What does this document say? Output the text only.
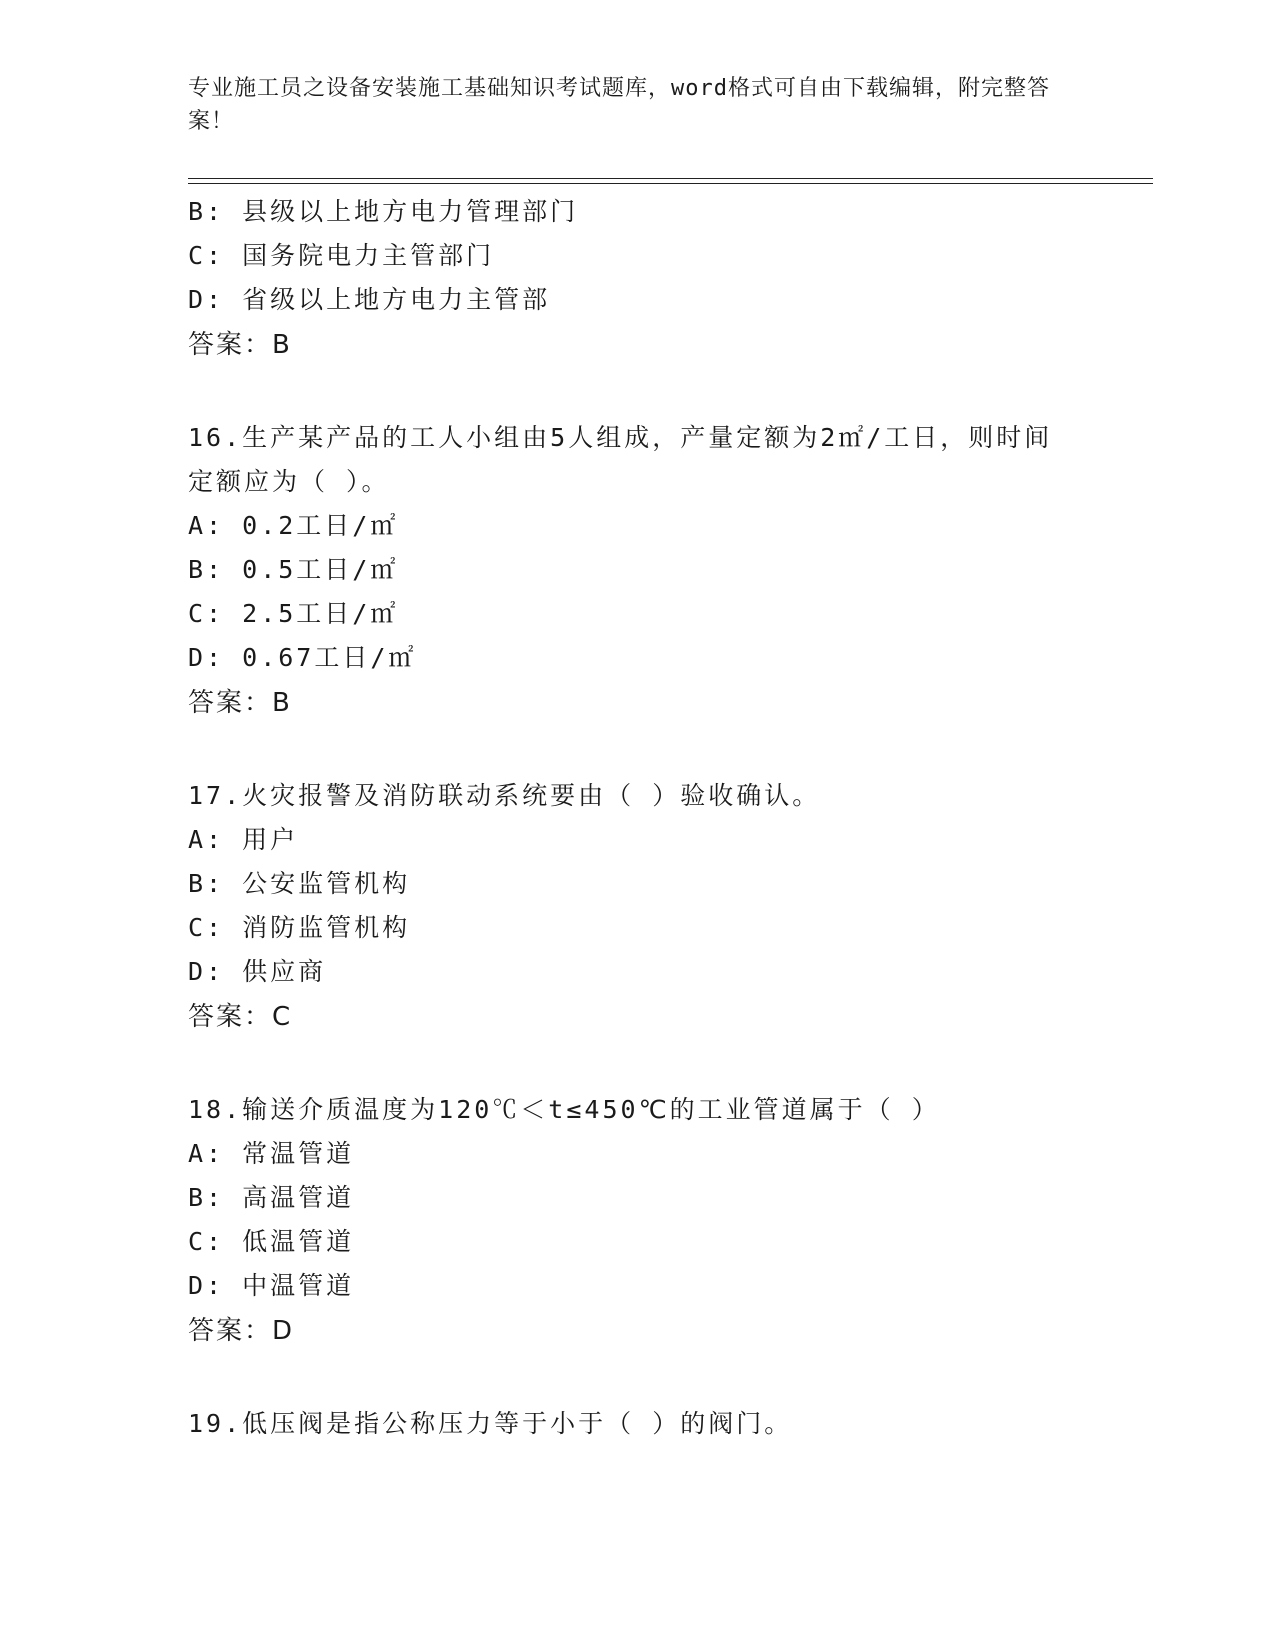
专业施工员之设备安装施工基础知识考试题库，word格式可自由下载编辑，附完整答案！
B: 县级以上地方电力管理部门
C: 国务院电力主管部门
D: 省级以上地方电力主管部
答案：B
16.生产某产品的工人小组由5人组成，产量定额为2㎡/工日，则时间
定额应为（ ）。
A: 0.2工日/㎡
B: 0.5工日/㎡
C: 2.5工日/㎡
D: 0.67工日/㎡
答案：B
17.火灾报警及消防联动系统要由（ ）验收确认。
A: 用户
B: 公安监管机构
C: 消防监管机构
D: 供应商
答案：C
18.输送介质温度为120℃＜t≤450℃的工业管道属于（ ）
A: 常温管道
B: 高温管道
C: 低温管道
D: 中温管道
答案：D
19.低压阀是指公称压力等于小于（ ）的阀门。
